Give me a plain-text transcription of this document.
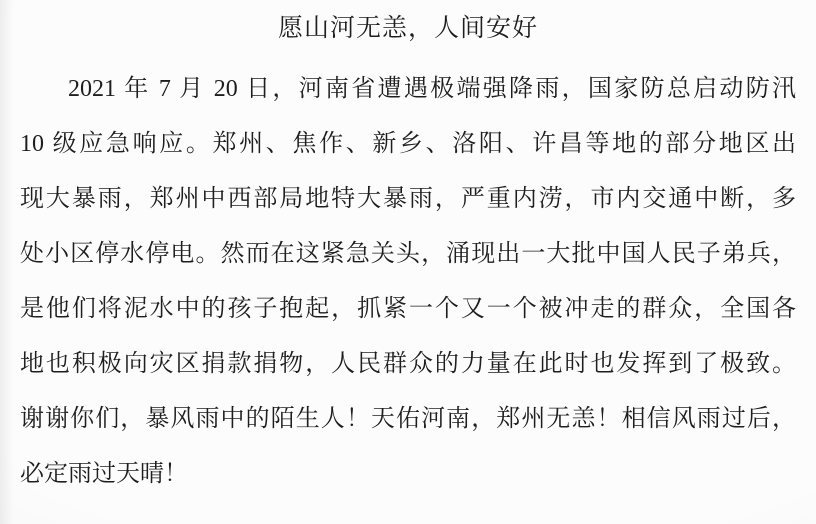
愿山河无恙，人间安好
2021 年 7 月 20 日，河南省遭遇极端强降雨，国家防总启动防汛
10 级应急响应。郑州、焦作、新乡、洛阳、许昌等地的部分地区出
现大暴雨，郑州中西部局地特大暴雨，严重内涝，市内交通中断，多
处小区停水停电。然而在这紧急关头，涌现出一大批中国人民子弟兵，
是他们将泥水中的孩子抱起，抓紧一个又一个被冲走的群众，全国各
地也积极向灾区捐款捐物，人民群众的力量在此时也发挥到了极致。
谢谢你们，暴风雨中的陌生人！天佑河南，郑州无恙！相信风雨过后，
必定雨过天晴！
